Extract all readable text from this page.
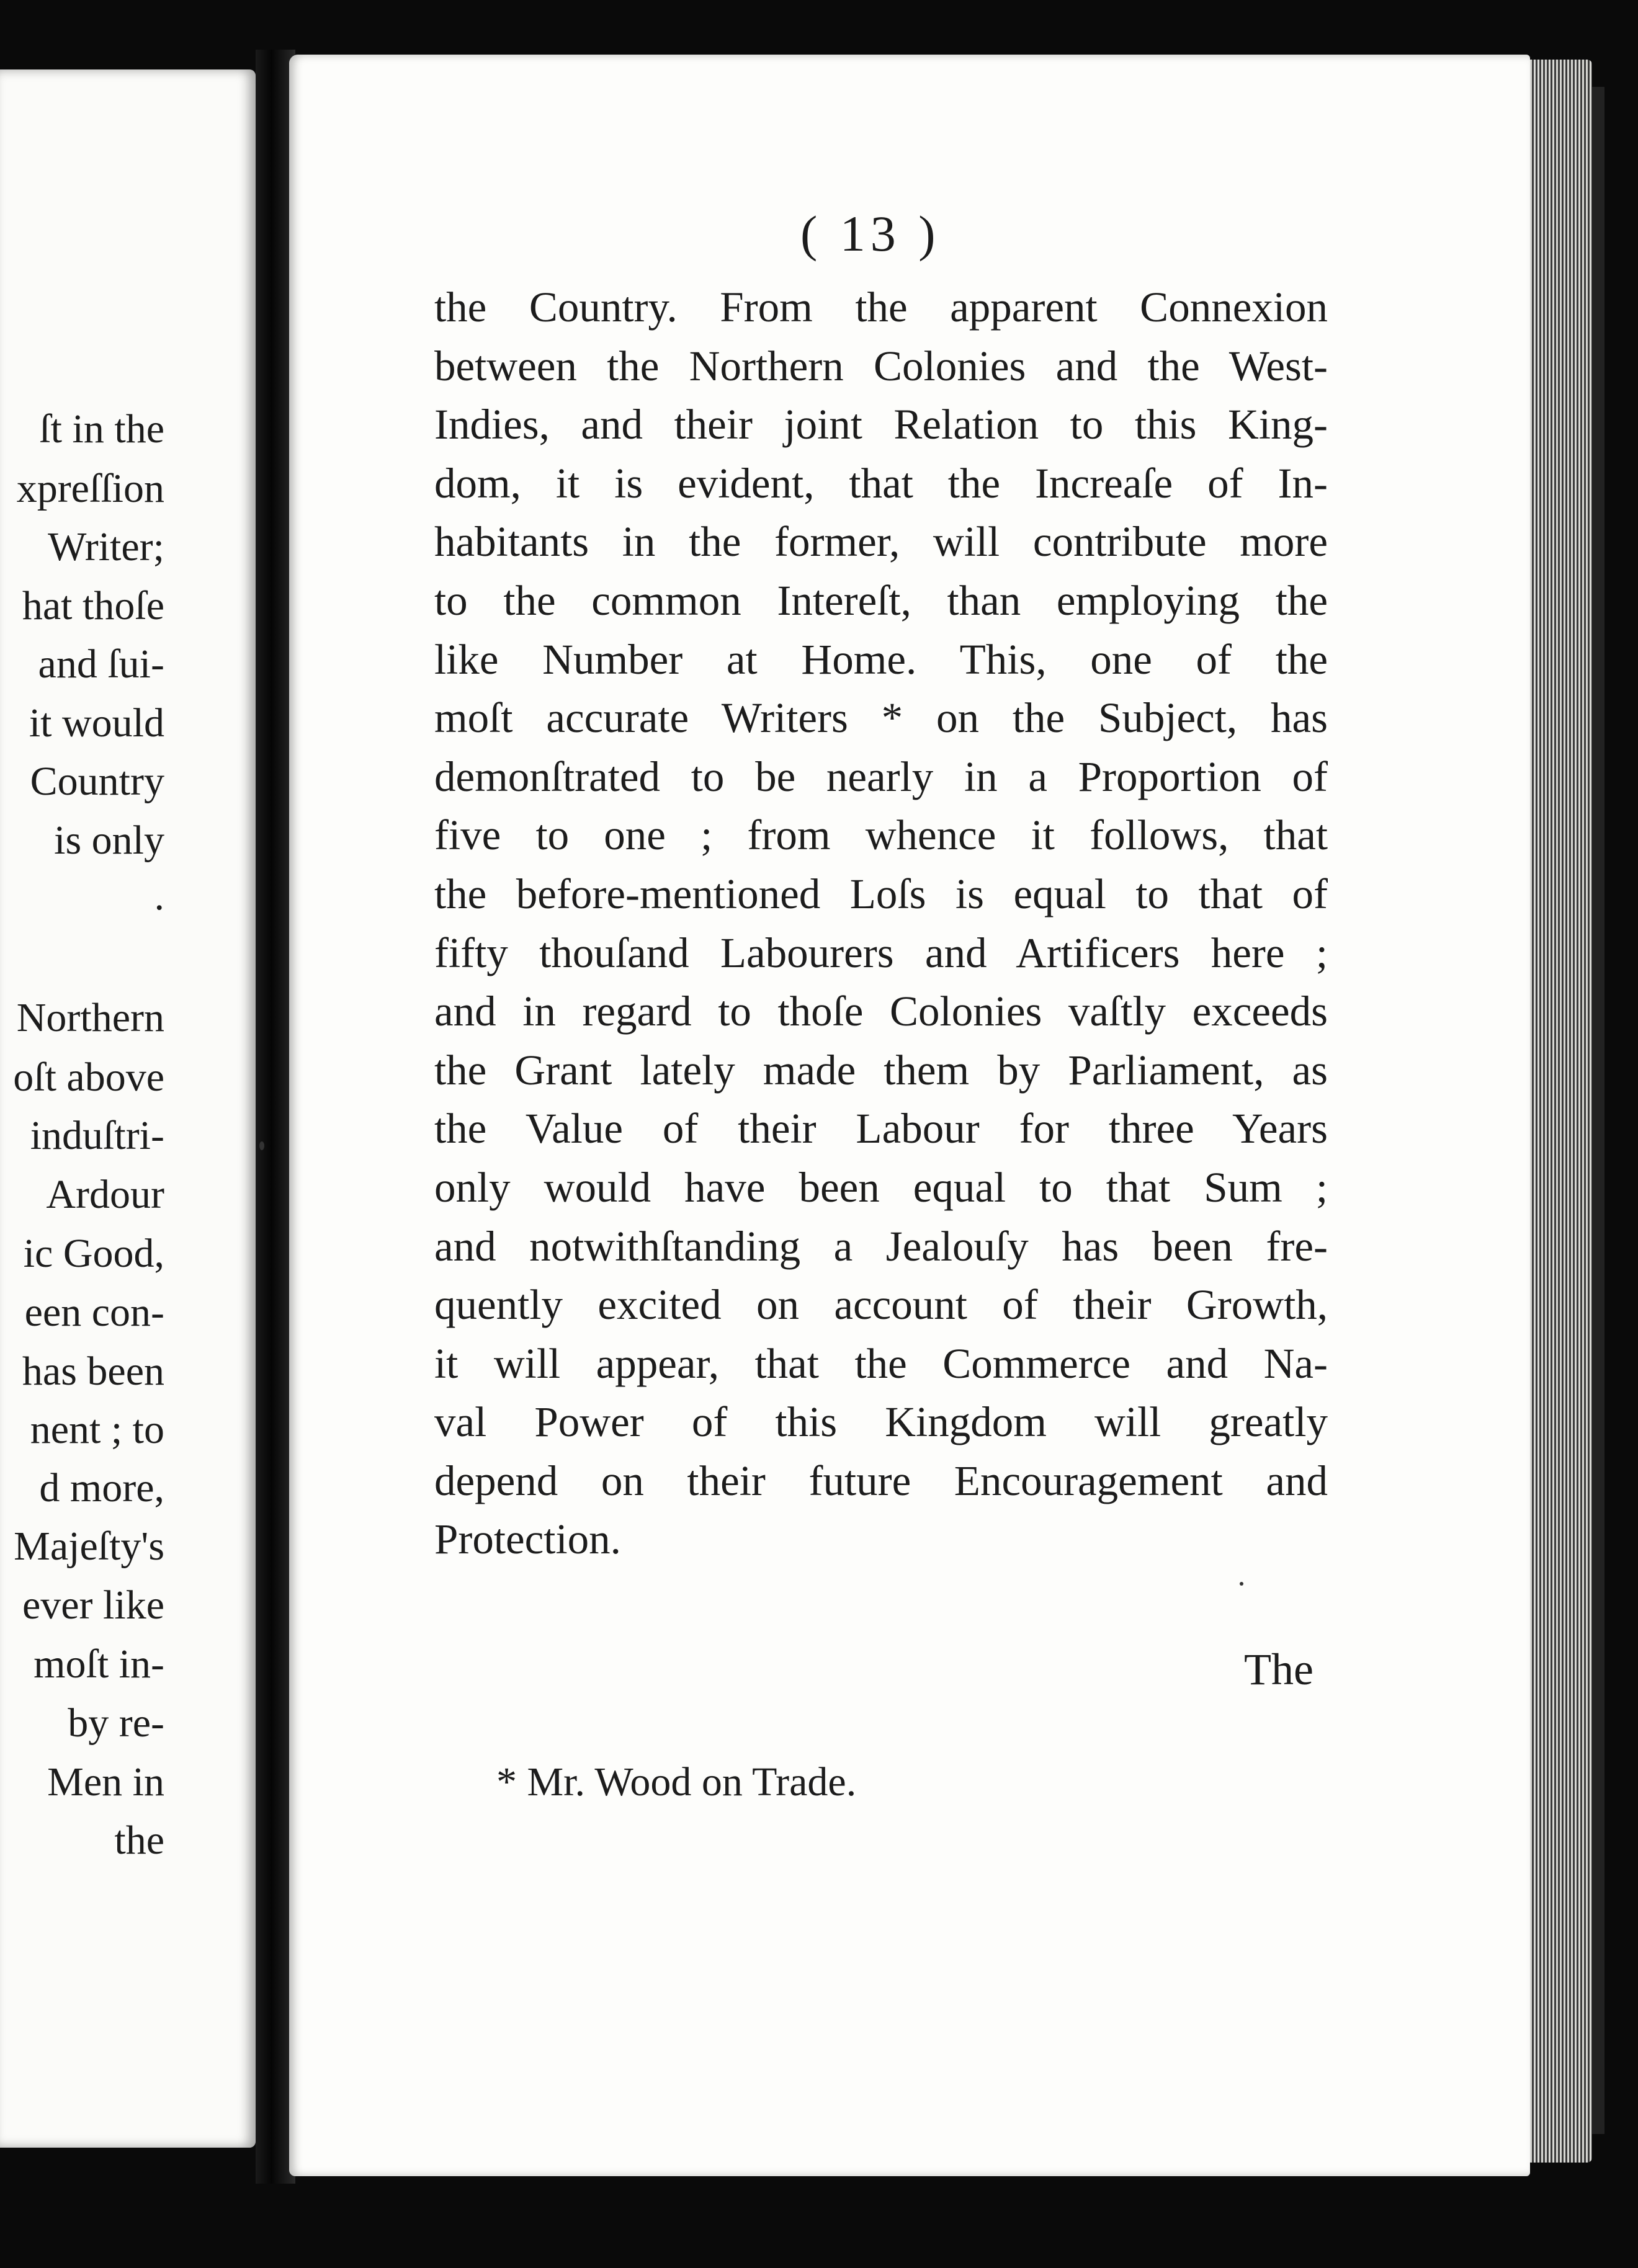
ſt in the
xpreſſion
Writer;
hat thoſe
and ſui-
it would
Country
is only
.
Northern
oſt above
induſtri-
Ardour
ic Good,
een con-
has been
nent ; to
d more,
Majeſty's
ever like
moſt in-
by re-
Men in
the
( 13 )
the Country. From the apparent Connexion
between the Northern Colonies and the West-
Indies, and their joint Relation to this King-
dom, it is evident, that the Increaſe of In-
habitants in the former, will contribute more
to the common Intereſt, than employing the
like Number at Home. This, one of the
moſt accurate Writers * on the Subject, has
demonſtrated to be nearly in a Proportion of
five to one ; from whence it follows, that
the before-mentioned Loſs is equal to that of
fifty thouſand Labourers and Artificers here ;
and in regard to thoſe Colonies vaſtly exceeds
the Grant lately made them by Parliament, as
the Value of their Labour for three Years
only would have been equal to that Sum ;
and notwithſtanding a Jealouſy has been fre-
quently excited on account of their Growth,
it will appear, that the Commerce and Na-
val Power of this Kingdom will greatly
depend on their future Encouragement and
Protection.
The
* Mr. Wood on Trade.
